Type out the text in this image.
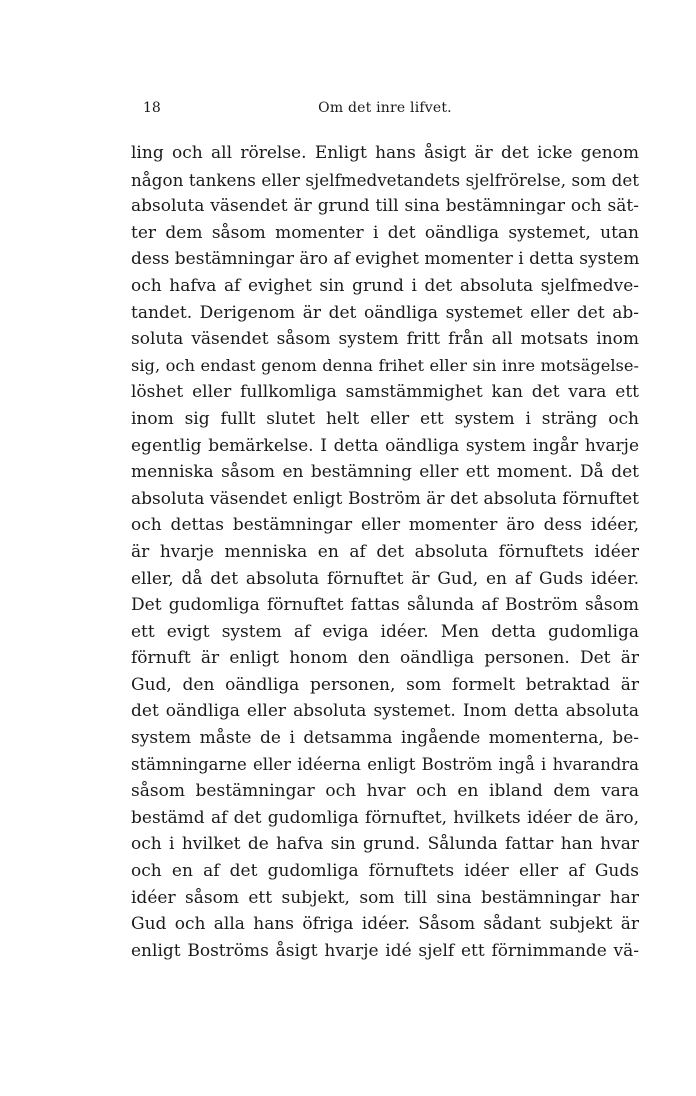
18	Om det inre lifvet.
ling och all rörelse. Enligt hans åsigt är det icke genom
någon tankens eller sjelfmedvetandets sjelfrörelse, som det
absoluta väsendet är grund till sina bestämningar och sät-
ter dem såsom momenter i det oändliga systemet, utan
dess bestämningar äro af evighet momenter i detta system
och hafva af evighet sin grund i det absoluta sjelfmedve-
tandet. Derigenom är det oändliga systemet eller det ab-
soluta väsendet såsom system fritt från all motsats inom
sig, och endast genom denna frihet eller sin inre motsägelse-
löshet eller fullkomliga samstämmighet kan det vara ett
inom sig fullt slutet helt eller ett system i sträng och
egentlig bemärkelse. I detta oändliga system ingår hvarje
menniska såsom en bestämning eller ett moment. Då det
absoluta väsendet enligt Boström är det absoluta förnuftet
och dettas bestämningar eller momenter äro dess idéer,
är hvarje menniska en af det absoluta förnuftets idéer
eller, då det absoluta förnuftet är Gud, en af Guds idéer.
Det gudomliga förnuftet fattas sålunda af Boström såsom
ett evigt system af eviga idéer. Men detta gudomliga
förnuft är enligt honom den oändliga personen. Det är
Gud, den oändliga personen, som formelt betraktad är
det oändliga eller absoluta systemet. Inom detta absoluta
system måste de i detsamma ingående momenterna, be-
stämningarne eller idéerna enligt Boström ingå i hvarandra
såsom bestämningar och hvar och en ibland dem vara
bestämd af det gudomliga förnuftet, hvilkets idéer de äro,
och i hvilket de hafva sin grund. Sålunda fattar han hvar
och en af det gudomliga förnuftets idéer eller af Guds
idéer såsom ett subjekt, som till sina bestämningar har
Gud och alla hans öfriga idéer. Såsom sådant subjekt är
enligt Boströms åsigt hvarje idé sjelf ett förnimmande vä-
